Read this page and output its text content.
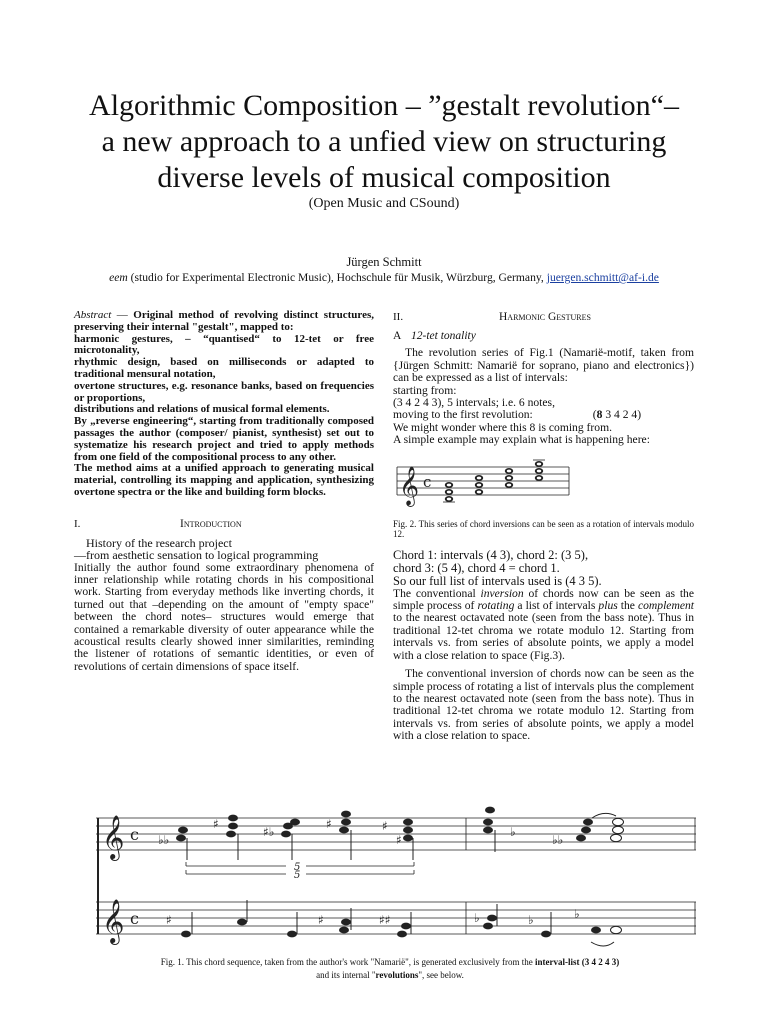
Algorithmic Composition – ”gestalt revolution“–
a new approach to a unfied view on structuring
diverse levels of musical composition
(Open Music and CSound)
Jürgen Schmitt
eem (studio for Experimental Electronic Music), Hochschule für Musik, Würzburg, Germany, juergen.schmitt@af-i.de

Abstract — Original method of revolving distinct structures, preserving their internal "gestalt", mapped to:

harmonic gestures, – “quantised“ to 12-tet or free microtonality,

rhythmic design, based on milliseconds or adapted to traditional mensural notation,

overtone structures, e.g. resonance banks, based on frequencies or proportions,

distributions and relations of musical formal elements.

By „reverse engineering“, starting from traditionally composed passages the author (composer/ pianist, synthesist) set out to systematize his research project and tried to apply methods from one field of the compositional process to any other.

The method aims at a unified approach to generating musical material, controlling its mapping and application, synthesizing overtone spectra or the like and building form blocks.

I.	Introduction

History of the research project

—from aesthetic sensation to logical programming

Initially the author found some extraordinary phenomena of inner relationship while rotating chords in his compositional work. Starting from everyday methods like inverting chords, it turned out that –depending on the amount of "empty space" between the chord notes– structures would emerge that contained a remarkable diversity of outer appearance while the acoustical results clearly showed inner similarities, reminding the listener of rotations of semantic identities, or even of revolutions of certain dimensions of space itself.

II.	Harmonic Gestures
A 12-tet tonality

The revolution series of Fig.1 (Namarië-motif, taken from {Jürgen Schmitt: Namarië for soprano, piano and electronics}) can be expressed as a list of intervals:

starting from:

(3 4 2 4 3), 5 intervals; i.e. 6 notes,

moving to the first revolution:	(8 3 4 2 4)

We might wonder where this 8 is coming from.

A simple example may explain what is happening here:

𝄞 c

Fig. 2. This series of chord inversions can be seen as a rotation of intervals modulo 12.

Chord 1: intervals (4 3), chord 2: (3 5),

chord 3: (5 4), chord 4 = chord 1.

So our full list of intervals used is (4 3 5).

The conventional inversion of chords now can be seen as the simple process of rotating a list of intervals plus the complement to the nearest octavated note (seen from the bass note). Thus in traditional 12-tet chroma we rotate modulo 12. Starting from intervals vs. from series of absolute points, we apply a model with a close relation to space (Fig.3).

The conventional inversion of chords now can be seen as the simple process of rotating a list of intervals plus the complement to the nearest octavated note (seen from the bass note). Thus in traditional 12-tet chroma we rotate modulo 12. Starting from intervals vs. from series of absolute points, we apply a model with a close relation to space.

𝄞
𝄞
c
c
♭♭
♯
♯♭
♯	♯
♯
♭
♭♭
♯	♯	♯♯	♭	♭	♭
5
5
Fig. 1. This chord sequence, taken from the author's work "Namarië", is generated exclusively from the interval-list (3 4 2 4 3)
and its internal "revolutions", see below.
